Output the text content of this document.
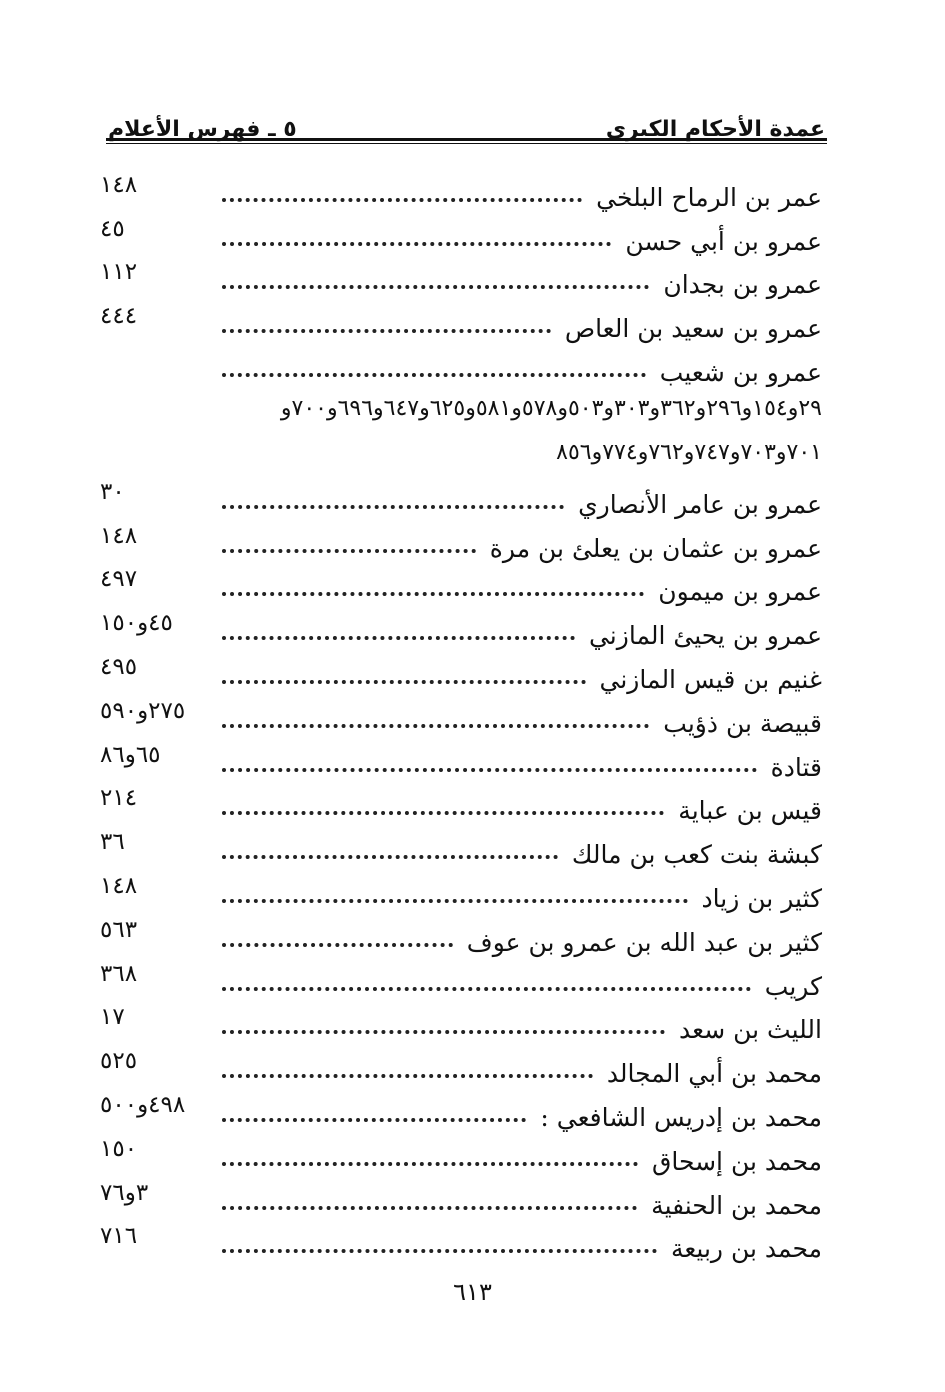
عمدة الأحكام الكبرى
٥ ـ فهرس الأعلام
عمر بن الرماح البلخي
١٤٨
عمرو بن أبي حسن
٤٥
عمرو بن بجدان
١١٢
عمرو بن سعيد بن العاص
٤٤٤
عمرو بن شعيب
٢٩و١٥٤و٢٩٦و٣٦٢و٣٠٣و٥٠٣و٥٧٨و٥٨١و٦٢٥و٦٤٧و٦٩٦و٧٠٠و
٧٠١و٧٠٣و٧٤٧و٧٦٢و٧٧٤و٨٥٦
عمرو بن عامر الأنصاري
٣٠
عمرو بن عثمان بن يعلئ بن مرة
١٤٨
عمرو بن ميمون
٤٩٧
عمرو بن يحيئ المازني
٤٥و١٥٠
غنيم بن قيس المازني
٤٩٥
قبيصة بن ذؤيب
٢٧٥و٥٩٠
قتادة
٦٥و٨٦
قيس بن عباية
٢١٤
كبشة بنت كعب بن مالك
٣٦
كثير بن زياد
١٤٨
كثير بن عبد الله بن عمرو بن عوف
٥٦٣
كريب
٣٦٨
الليث بن سعد
١٧
محمد بن أبي المجالد
٥٢٥
محمد بن إدريس الشافعي :
٤٩٨و٥٠٠
محمد بن إسحاق
١٥٠
محمد بن الحنفية
٣و٧٦
محمد بن ربيعة
٧١٦
٦١٣
